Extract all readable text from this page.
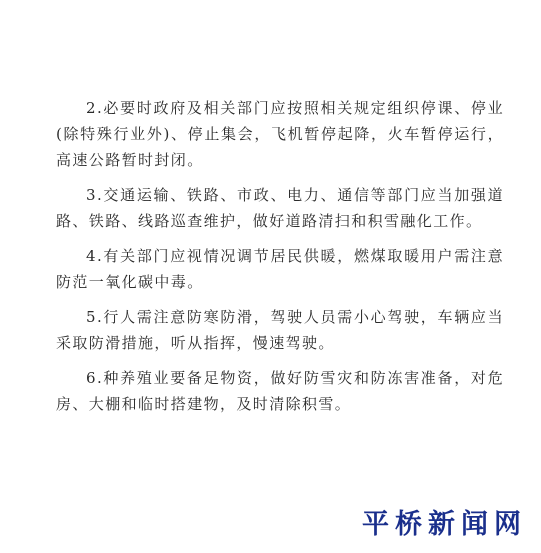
2.必要时政府及相关部门应按照相关规定组织停课、停业(除特殊行业外)、停止集会，飞机暂停起降，火车暂停运行，高速公路暂时封闭。

3.交通运输、铁路、市政、电力、通信等部门应当加强道路、铁路、线路巡查维护，做好道路清扫和积雪融化工作。

4.有关部门应视情况调节居民供暖，燃煤取暖用户需注意防范一氧化碳中毒。

5.行人需注意防寒防滑，驾驶人员需小心驾驶，车辆应当采取防滑措施，听从指挥，慢速驾驶。

6.种养殖业要备足物资，做好防雪灾和防冻害准备，对危房、大棚和临时搭建物，及时清除积雪。

平桥新闻网
